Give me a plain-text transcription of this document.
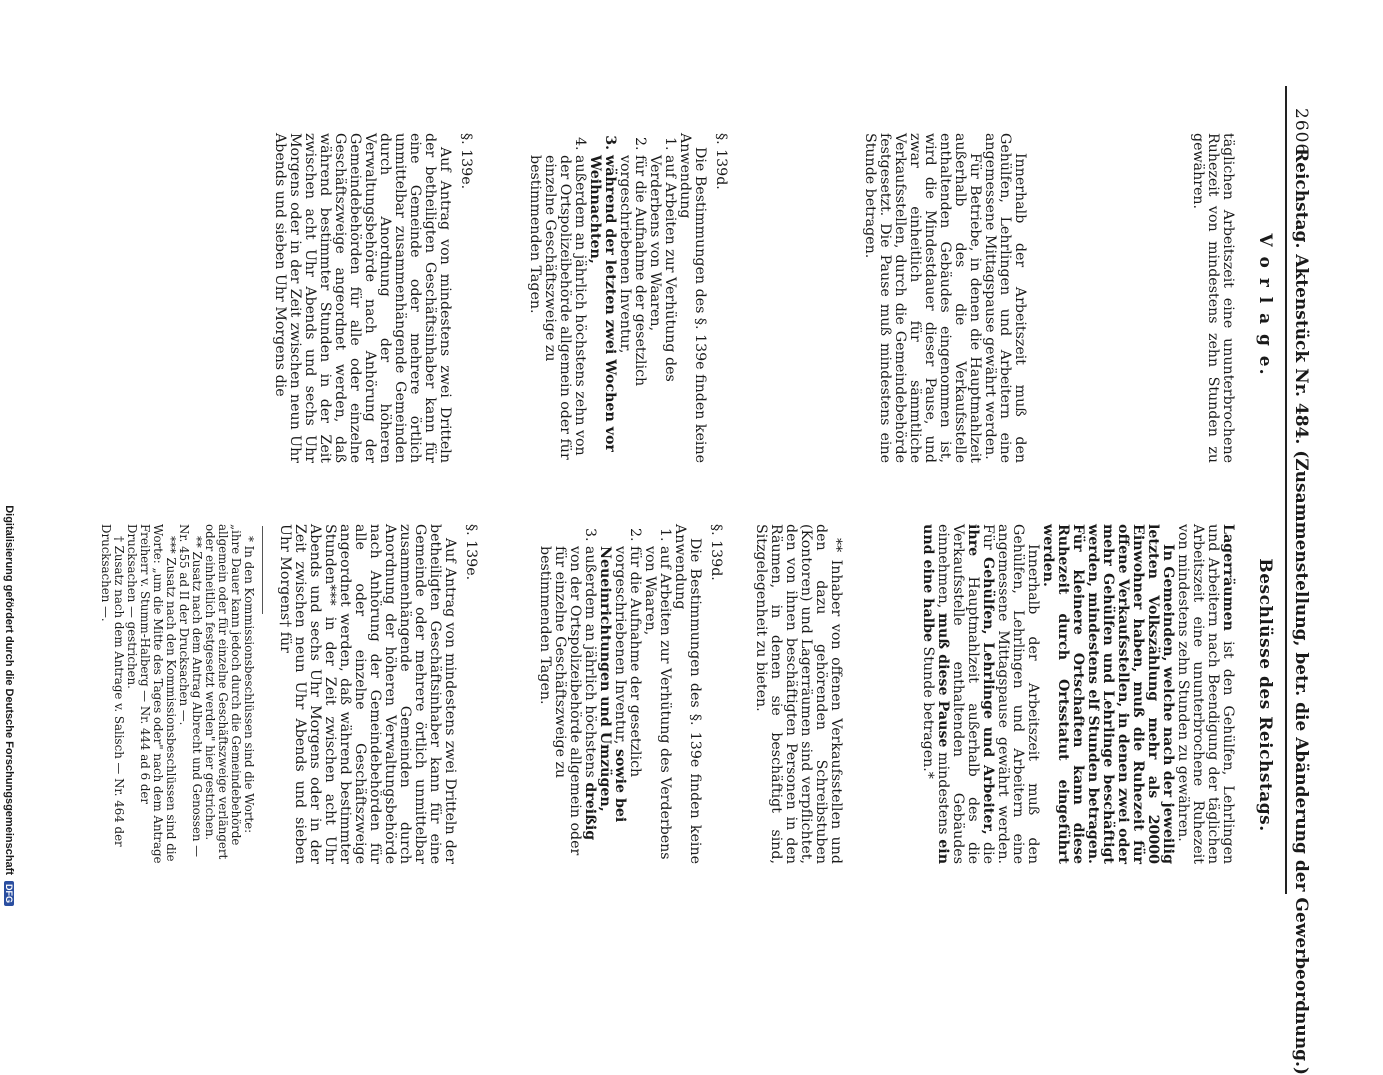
2606
Reichstag. Aktenstück Nr. 484. (Zusammenstellung, betr. die Abänderung der Gewerbeordnung.)
V o r l a g e.

täglichen Arbeitszeit eine ununterbrochene Ruhezeit von mindestens zehn Stunden zu gewähren.

Innerhalb der Arbeitszeit muß den Gehülfen, Lehrlingen und Arbeitern eine angemessene Mittagspause gewährt werden.

Für Betriebe, in denen die Hauptmahlzeit außerhalb des die Verkaufsstelle enthaltenden Gebäudes eingenommen ist, wird die Mindestdauer dieser Pause, und zwar einheitlich für sämmtliche Verkaufsstellen, durch die Gemeindebehörde festgesetzt. Die Pause muß mindestens eine Stunde betragen.

§. 139d.

Die Bestimmungen des §. 139e finden keine Anwendung

1. auf Arbeiten zur Verhütung des Verderbens von Waaren,
2. für die Aufnahme der gesetzlich vorgeschriebenen Inventur,
3. während der letzten zwei Wochen vor Weihnachten,
4. außerdem an jährlich höchstens zehn von der Ortspolizeibehörde allgemein oder für einzelne Geschäftszweige zu bestimmenden Tagen.

§. 139e.

Auf Antrag von mindestens zwei Dritteln der betheiligten Geschäftsinhaber kann für eine Gemeinde oder mehrere örtlich unmittelbar zusammenhängende Gemeinden durch Anordnung der höheren Verwaltungsbehörde nach Anhörung der Gemeindebehörden für alle oder einzelne Geschäftszweige angeordnet werden, daß während bestimmter Stunden in der Zeit zwischen acht Uhr Abends und sechs Uhr Morgens oder in der Zeit zwischen neun Uhr Abends und sieben Uhr Morgens die

Beschlüsse des Reichstags.

Lagerräumen ist den Gehülfen, Lehrlingen und Arbeitern nach Beendigung der täglichen Arbeitszeit eine ununterbrochene Ruhezeit von mindestens zehn Stunden zu gewähren.

In Gemeinden, welche nach der jeweilig letzten Volkszählung mehr als 20000 Einwohner haben, muß die Ruhezeit für offene Verkaufsstellen, in denen zwei oder mehr Gehülfen und Lehrlinge beschäftigt werden, mindestens elf Stunden betragen. Für kleinere Ortschaften kann diese Ruhezeit durch Ortsstatut eingeführt werden.

Innerhalb der Arbeitszeit muß den Gehülfen, Lehrlingen und Arbeitern eine angemessene Mittagspause gewährt werden. Für Gehülfen, Lehrlinge und Arbeiter, die ihre Hauptmahlzeit außerhalb des die Verkaufsstelle enthaltenden Gebäudes einnehmen, muß diese Pause mindestens ein und eine halbe Stunde betragen.*

** Inhaber von offenen Verkaufsstellen und den dazu gehörenden Schreibstuben (Kontoren) und Lagerräumen sind verpflichtet, den von ihnen beschäftigten Personen in den Räumen, in denen sie beschäftigt sind, Sitzgelegenheit zu bieten.

§. 139d.

Die Bestimmungen des §. 139e finden keine Anwendung

1. auf Arbeiten zur Verhütung des Verderbens von Waaren,
2. für die Aufnahme der gesetzlich vorgeschriebenen Inventur, sowie bei Neueinrichtungen und Umzügen,
3. außerdem an jährlich höchstens dreißig von der Ortspolizeibehörde allgemein oder für einzelne Geschäftszweige zu bestimmenden Tagen.

§. 139e.

Auf Antrag von mindestens zwei Dritteln der betheiligten Geschäftsinhaber kann für eine Gemeinde oder mehrere örtlich unmittelbar zusammenhängende Gemeinden durch Anordnung der höheren Verwaltungsbehörde nach Anhörung der Gemeindebehörden für alle oder einzelne Geschäftszweige angeordnet werden, daß während bestimmter Stunden*** in der Zeit zwischen acht Uhr Abends und sechs Uhr Morgens oder in der Zeit zwischen neun Uhr Abends und sieben Uhr Morgens† für

* In den Kommissionsbeschlüssen sind die Worte: „ihre Dauer kann jedoch durch die Gemeindebehörde allgemein oder für einzelne Geschäftszweige verlängert oder einheitlich festgesetzt werden" hier gestrichen.

** Zusatz nach dem Antrag Albrecht und Genossen — Nr. 455 ad II der Drucksachen —.

*** Zusatz nach den Kommissionsbeschlüssen sind die Worte: „um die Mitte des Tages oder" nach dem Antrage Freiherr v. Stumm-Halberg — Nr. 444 ad 6 der Drucksachen — gestrichen.

† Zusatz nach dem Antrage v. Salisch — Nr. 464 der Drucksachen —.

Digitalisierung gefördert durch die Deutsche ForschungsgemeinschaftDFG
